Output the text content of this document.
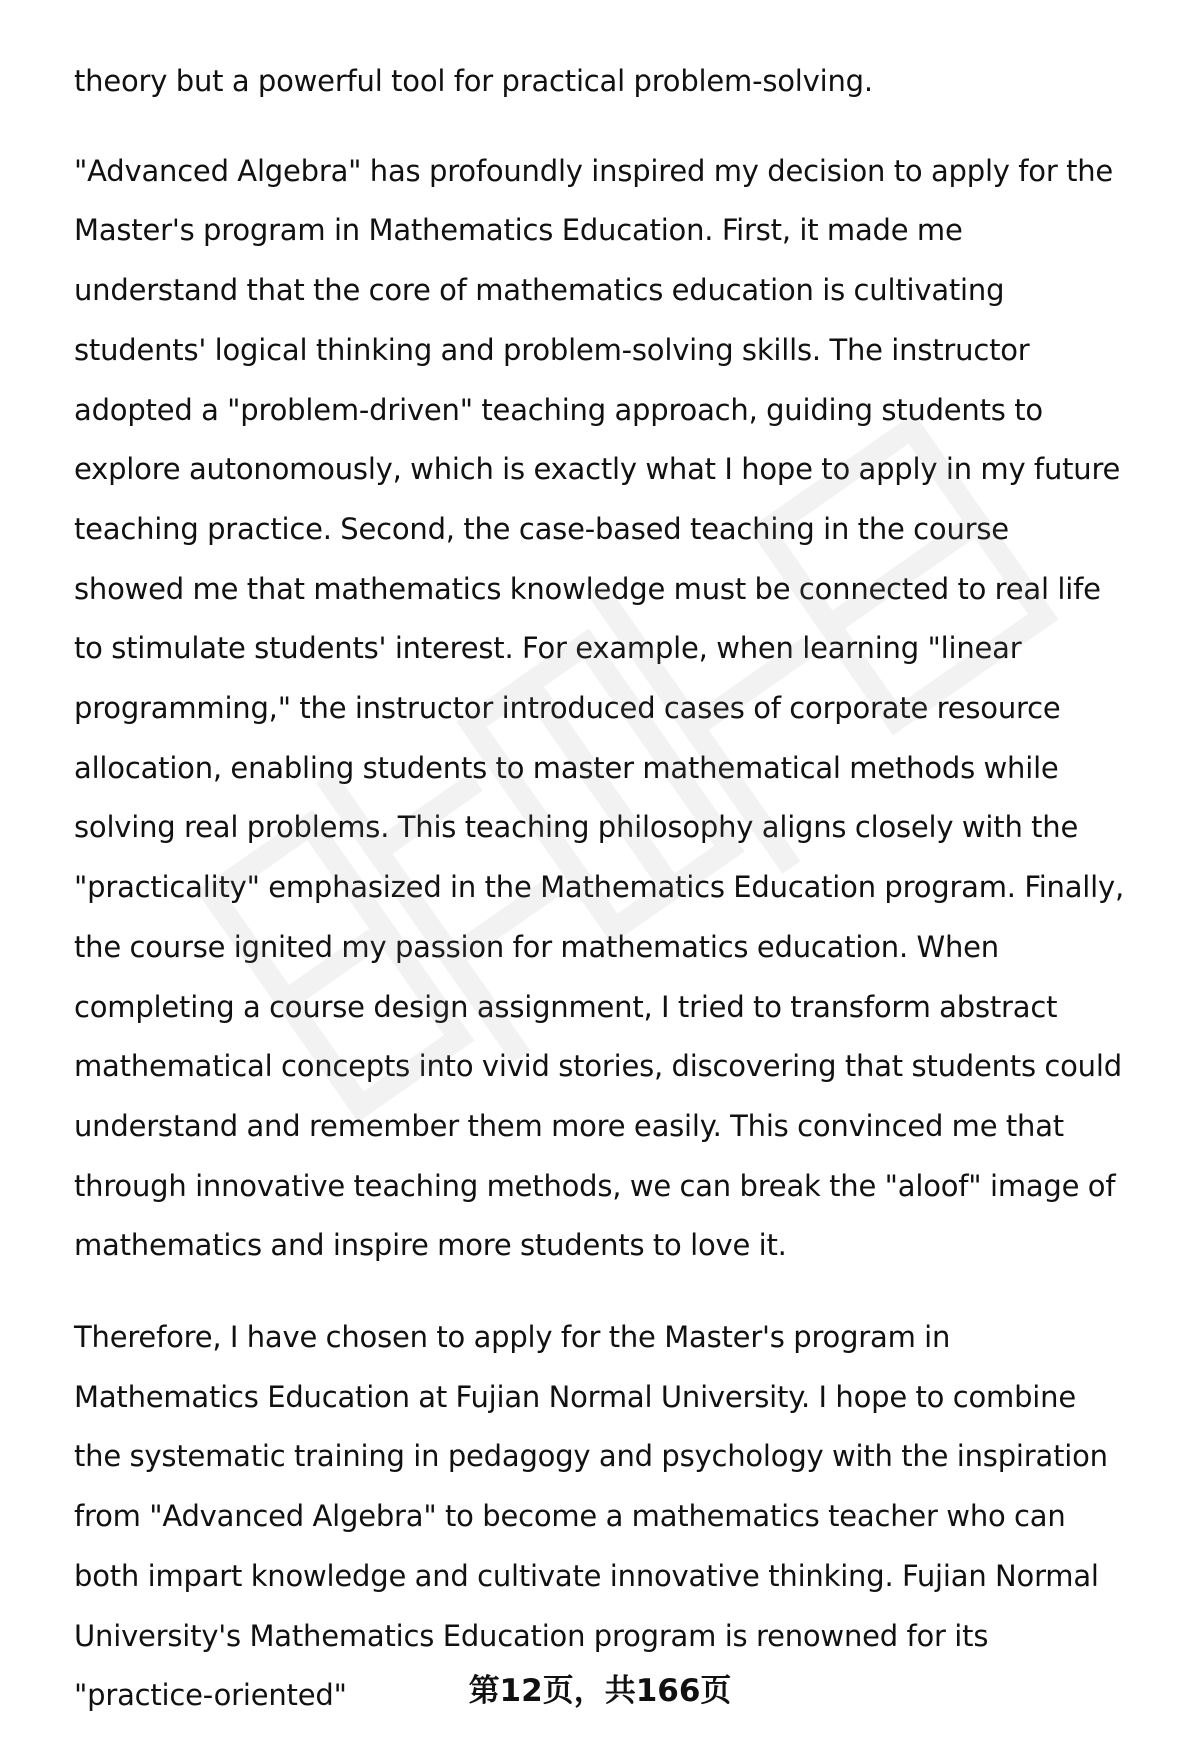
theory but a powerful tool for practical problem-solving.

"Advanced Algebra" has profoundly inspired my decision to apply for the Master's program in Mathematics Education. First, it made me understand that the core of mathematics education is cultivating students' logical thinking and problem-solving skills. The instructor adopted a "problem-driven" teaching approach, guiding students to explore autonomously, which is exactly what I hope to apply in my future teaching practice. Second, the case-based teaching in the course showed me that mathematics knowledge must be connected to real life to stimulate students' interest. For example, when learning "linear programming," the instructor introduced cases of corporate resource allocation, enabling students to master mathematical methods while solving real problems. This teaching philosophy aligns closely with the "practicality" emphasized in the Mathematics Education program. Finally, the course ignited my passion for mathematics education. When completing a course design assignment, I tried to transform abstract mathematical concepts into vivid stories, discovering that students could understand and remember them more easily. This convinced me that through innovative teaching methods, we can break the "aloof" image of mathematics and inspire more students to love it.

Therefore, I have chosen to apply for the Master's program in Mathematics Education at Fujian Normal University. I hope to combine the systematic training in pedagogy and psychology with the inspiration from "Advanced Algebra" to become a mathematics teacher who can both impart knowledge and cultivate innovative thinking. Fujian Normal University's Mathematics Education program is renowned for its "practice-oriented"	第12页，共166页
